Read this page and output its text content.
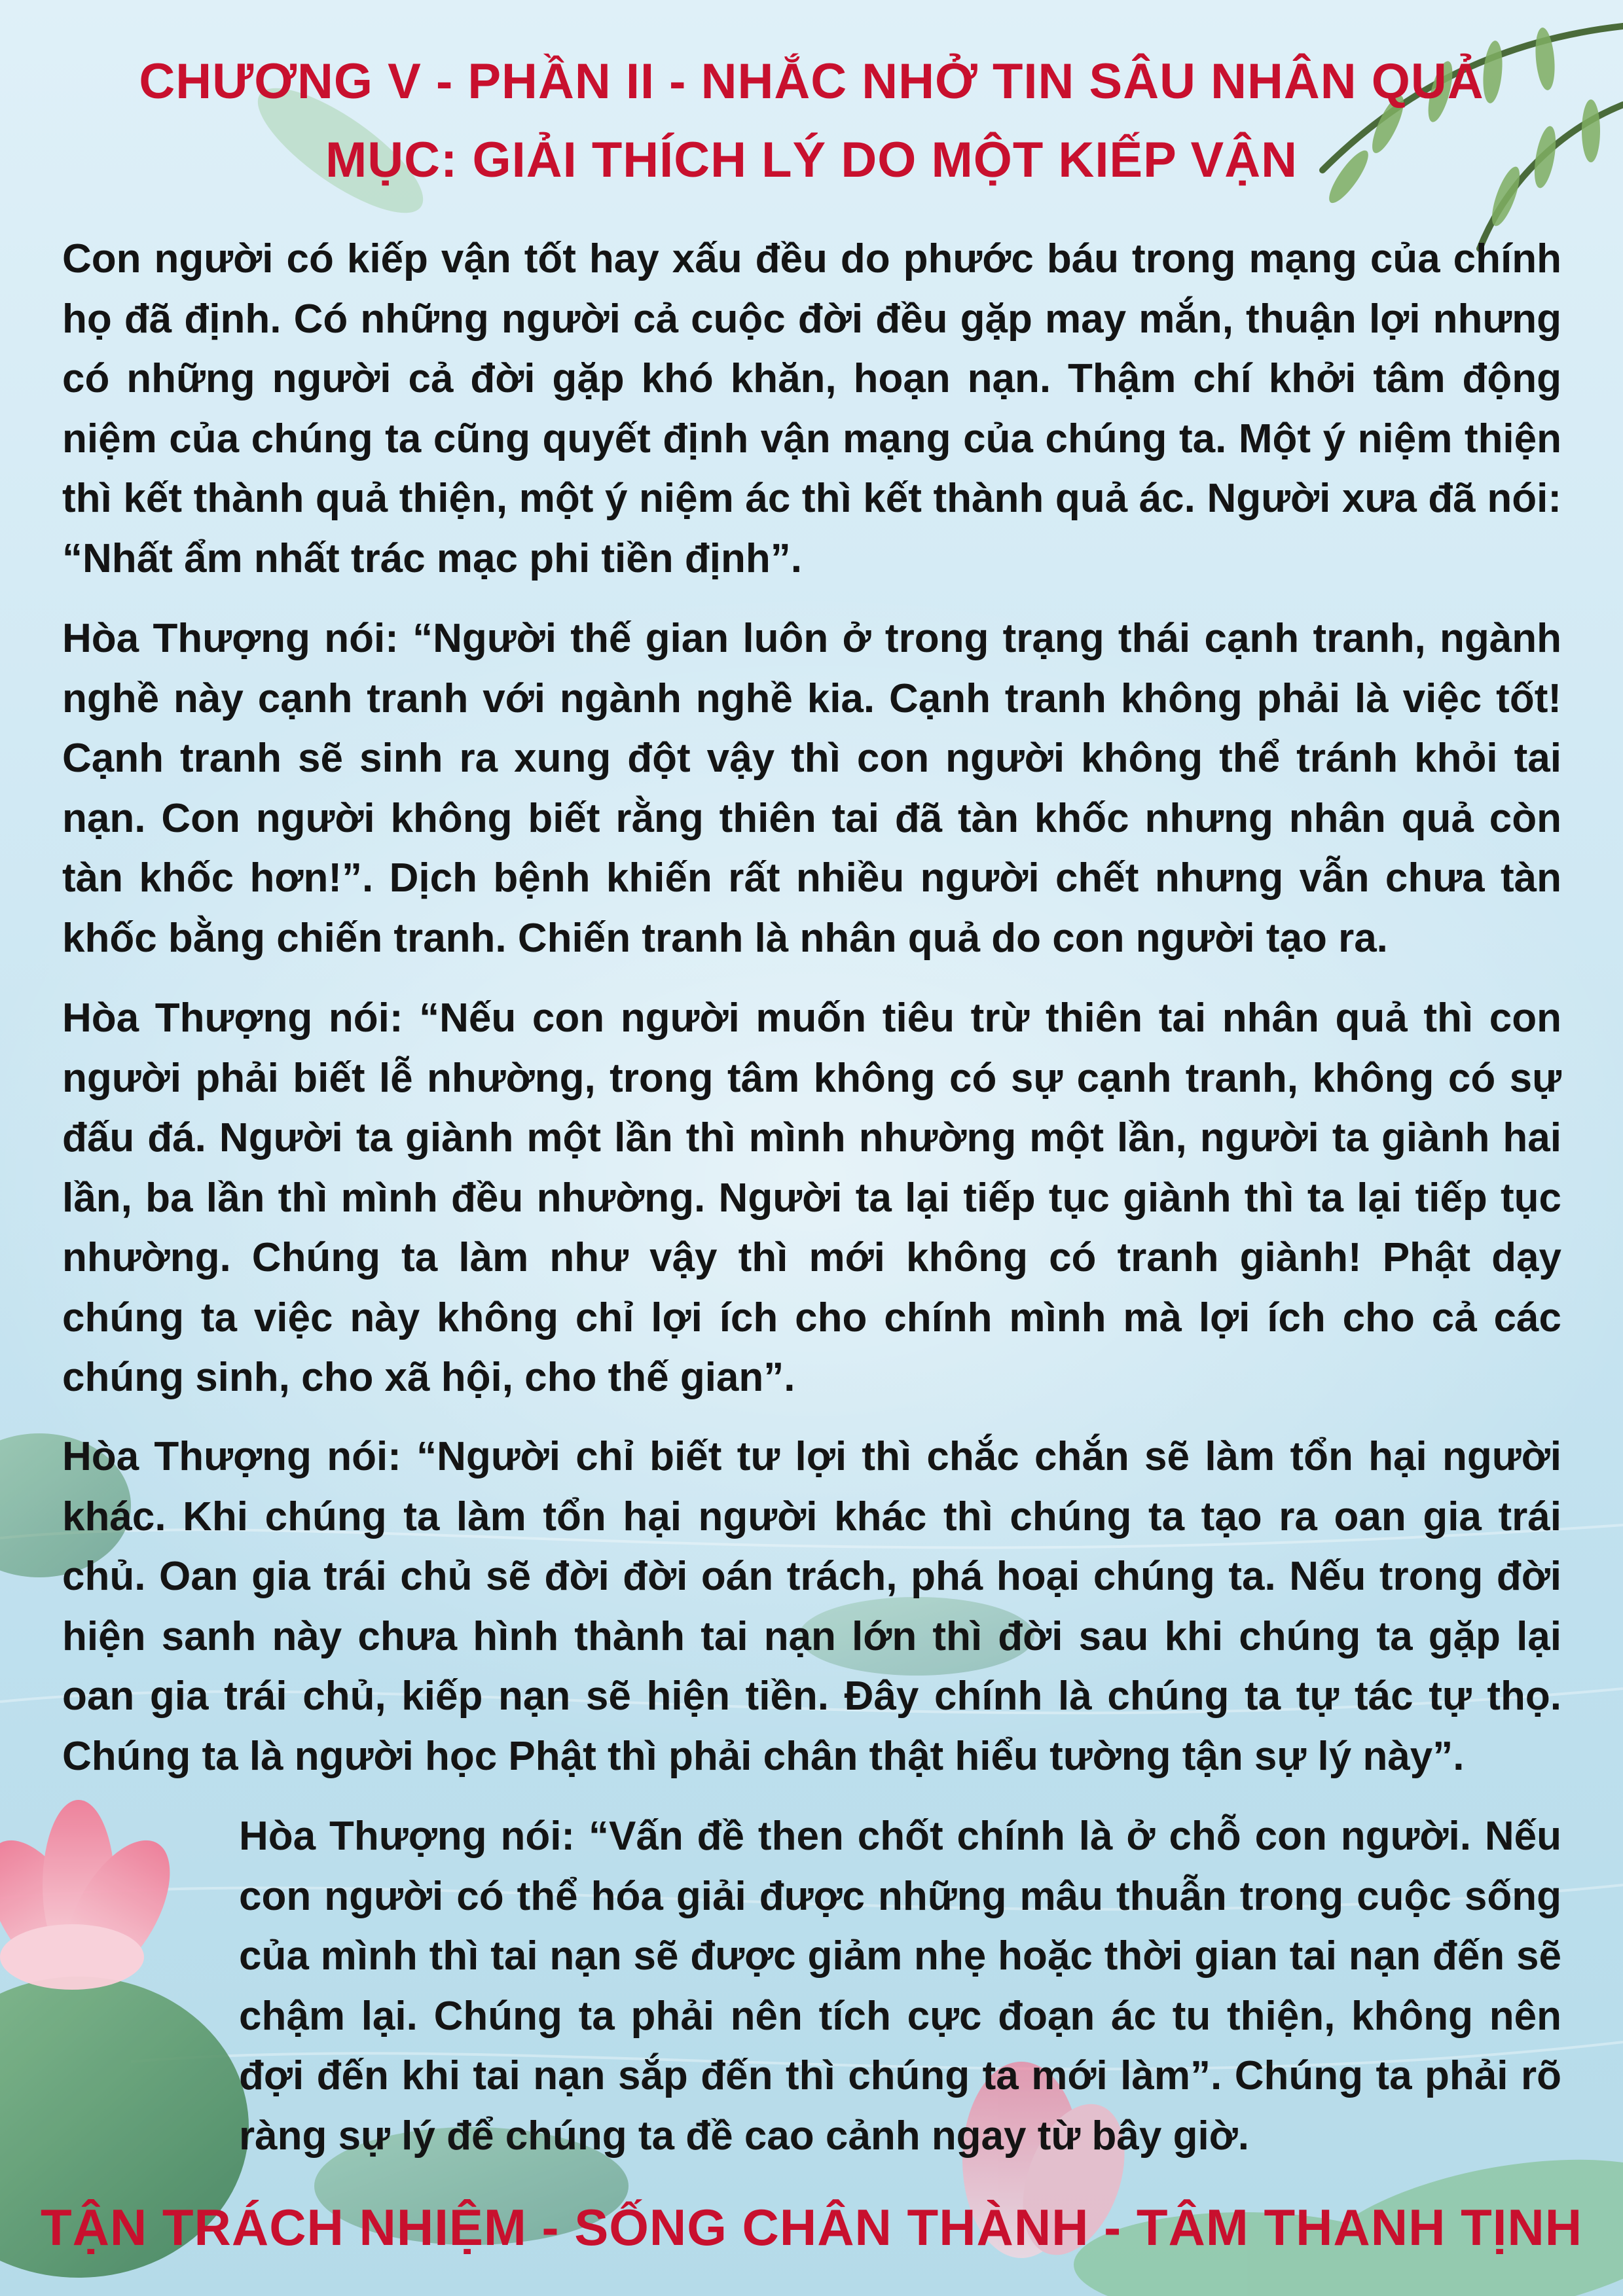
CHƯƠNG V - PHẦN II - NHẮC NHỞ TIN SÂU NHÂN QUẢ
MỤC: GIẢI THÍCH LÝ DO MỘT KIẾP VẬN

Con người có kiếp vận tốt hay xấu đều do phước báu trong mạng của chính họ đã định. Có những người cả cuộc đời đều gặp may mắn, thuận lợi nhưng có những người cả đời gặp khó khăn, hoạn nạn. Thậm chí khởi tâm động niệm của chúng ta cũng quyết định vận mạng của chúng ta. Một ý niệm thiện thì kết thành quả thiện, một ý niệm ác thì kết thành quả ác. Người xưa đã nói: “Nhất ẩm nhất trác mạc phi tiền định”.

Hòa Thượng nói: “Người thế gian luôn ở trong trạng thái cạnh tranh, ngành nghề này cạnh tranh với ngành nghề kia. Cạnh tranh không phải là việc tốt! Cạnh tranh sẽ sinh ra xung đột vậy thì con người không thể tránh khỏi tai nạn. Con người không biết rằng thiên tai đã tàn khốc nhưng nhân quả còn tàn khốc hơn!”. Dịch bệnh khiến rất nhiều người chết nhưng vẫn chưa tàn khốc bằng chiến tranh. Chiến tranh là nhân quả do con người tạo ra.

Hòa Thượng nói: “Nếu con người muốn tiêu trừ thiên tai nhân quả thì con người phải biết lễ nhường, trong tâm không có sự cạnh tranh, không có sự đấu đá. Người ta giành một lần thì mình nhường một lần, người ta giành hai lần, ba lần thì mình đều nhường. Người ta lại tiếp tục giành thì ta lại tiếp tục nhường. Chúng ta làm như vậy thì mới không có tranh giành! Phật dạy chúng ta việc này không chỉ lợi ích cho chính mình mà lợi ích cho cả các chúng sinh, cho xã hội, cho thế gian”.

Hòa Thượng nói: “Người chỉ biết tư lợi thì chắc chắn sẽ làm tổn hại người khác. Khi chúng ta làm tổn hại người khác thì chúng ta tạo ra oan gia trái chủ. Oan gia trái chủ sẽ đời đời oán trách, phá hoại chúng ta. Nếu trong đời hiện sanh này chưa hình thành tai nạn lớn thì đời sau khi chúng ta gặp lại oan gia trái chủ, kiếp nạn sẽ hiện tiền. Đây chính là chúng ta tự tác tự thọ. Chúng ta là người học Phật thì phải chân thật hiểu tường tận sự lý này”.

Hòa Thượng nói: “Vấn đề then chốt chính là ở chỗ con người. Nếu con người có thể hóa giải được những mâu thuẫn trong cuộc sống của mình thì tai nạn sẽ được giảm nhẹ hoặc thời gian tai nạn đến sẽ chậm lại. Chúng ta phải nên tích cực đoạn ác tu thiện, không nên đợi đến khi tai nạn sắp đến thì chúng ta mới làm”. Chúng ta phải rõ ràng sự lý để chúng ta đề cao cảnh ngay từ bây giờ.

TẬN TRÁCH NHIỆM - SỐNG CHÂN THÀNH - TÂM THANH TỊNH
